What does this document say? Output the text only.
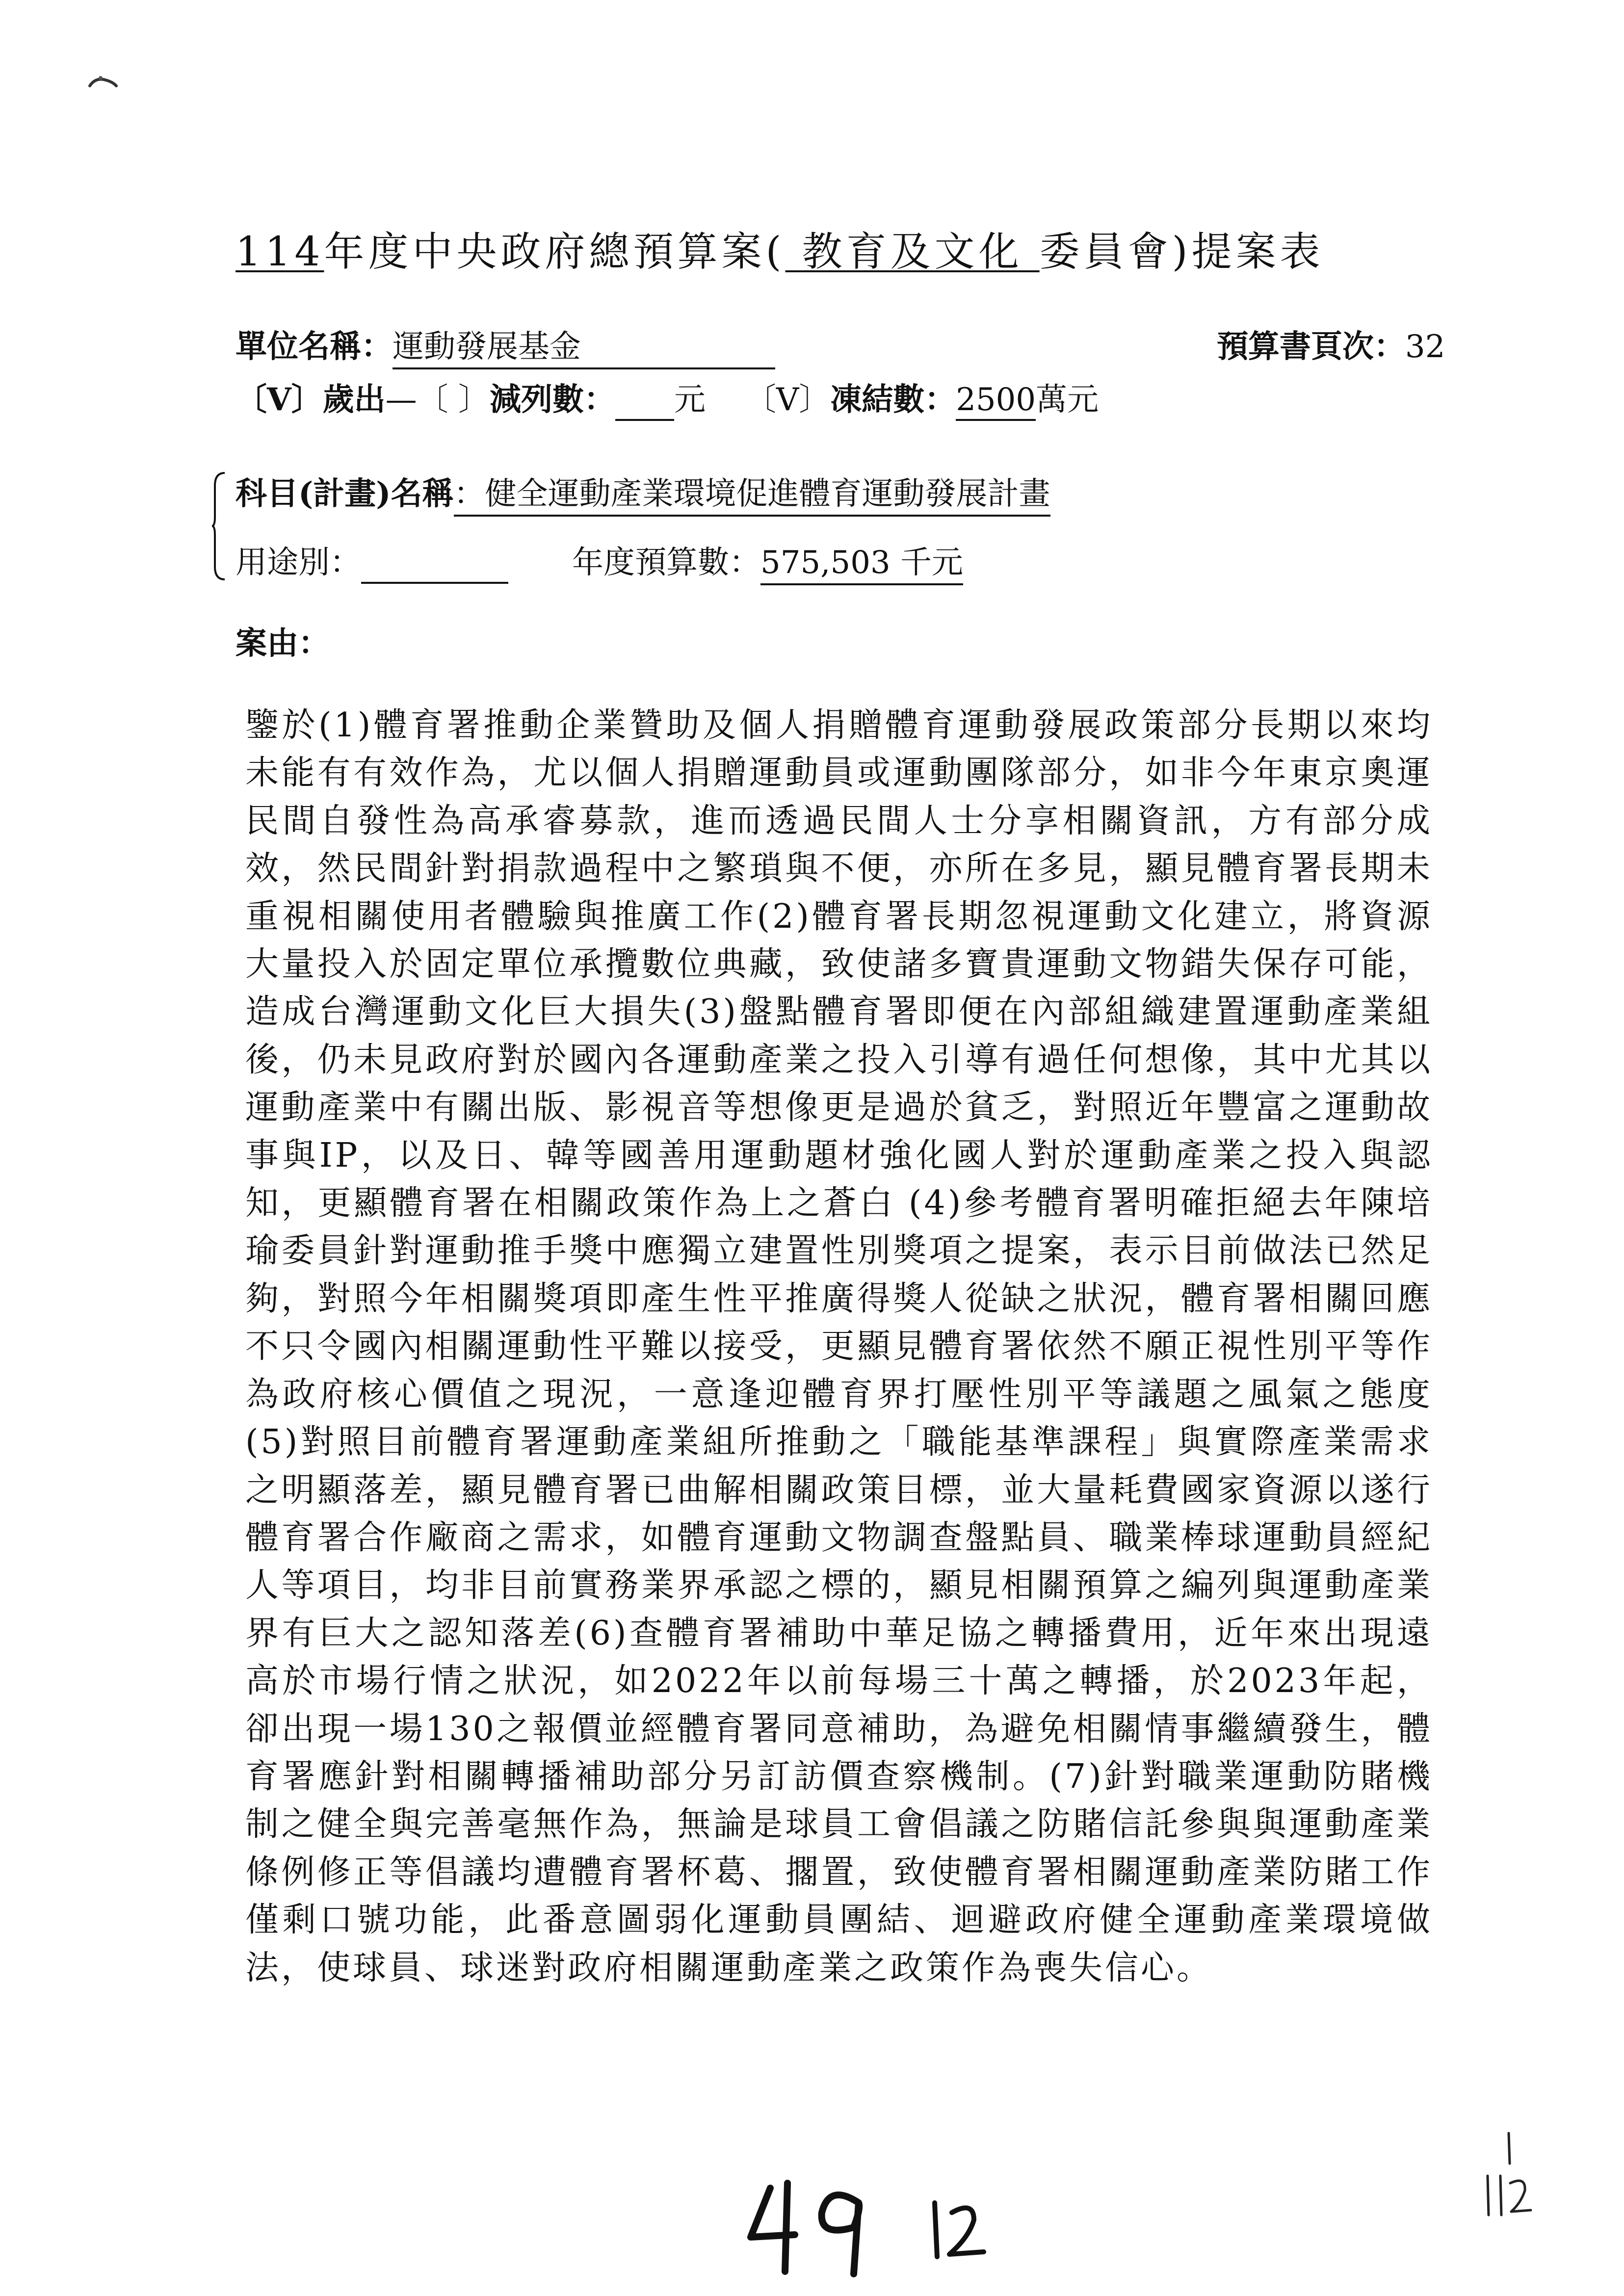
114年度中央政府總預算案( 教育及文化 委員會)提案表
單位名稱：運動發展基金	預算書頁次：32
〔V〕歲出—〔 〕減列數： 元 〔V〕凍結數：2500萬元
科目(計畫)名稱：健全運動產業環境促進體育運動發展計畫
用途別：	年度預算數：575,503 千元
案由：
鑒於(1)體育署推動企業贊助及個人捐贈體育運動發展政策部分長期以來均未能有有效作為，尤以個人捐贈運動員或運動團隊部分，如非今年東京奧運民間自發性為高承睿募款，進而透過民間人士分享相關資訊，方有部分成效，然民間針對捐款過程中之繁瑣與不便，亦所在多見，顯見體育署長期未重視相關使用者體驗與推廣工作(2)體育署長期忽視運動文化建立，將資源大量投入於固定單位承攬數位典藏，致使諸多寶貴運動文物錯失保存可能，造成台灣運動文化巨大損失(3)盤點體育署即便在內部組織建置運動產業組後，仍未見政府對於國內各運動產業之投入引導有過任何想像，其中尤其以運動產業中有關出版、影視音等想像更是過於貧乏，對照近年豐富之運動故事與IP，以及日、韓等國善用運動題材強化國人對於運動產業之投入與認知，更顯體育署在相關政策作為上之蒼白 (4)參考體育署明確拒絕去年陳培瑜委員針對運動推手獎中應獨立建置性別獎項之提案，表示目前做法已然足夠，對照今年相關獎項即產生性平推廣得獎人從缺之狀況，體育署相關回應不只令國內相關運動性平難以接受，更顯見體育署依然不願正視性別平等作為政府核心價值之現況，一意逢迎體育界打壓性別平等議題之風氣之態度(5)對照目前體育署運動產業組所推動之「職能基準課程」與實際產業需求之明顯落差，顯見體育署已曲解相關政策目標，並大量耗費國家資源以遂行體育署合作廠商之需求，如體育運動文物調查盤點員、職業棒球運動員經紀人等項目，均非目前實務業界承認之標的，顯見相關預算之編列與運動產業界有巨大之認知落差(6)查體育署補助中華足協之轉播費用，近年來出現遠高於市場行情之狀況，如2022年以前每場三十萬之轉播，於2023年起，卻出現一場130之報價並經體育署同意補助，為避免相關情事繼續發生，體育署應針對相關轉播補助部分另訂訪價查察機制。(7)針對職業運動防賭機制之健全與完善毫無作為，無論是球員工會倡議之防賭信託參與與運動產業條例修正等倡議均遭體育署杯葛、擱置，致使體育署相關運動產業防賭工作僅剩口號功能，此番意圖弱化運動員團結、迴避政府健全運動產業環境做法，使球員、球迷對政府相關運動產業之政策作為喪失信心。
